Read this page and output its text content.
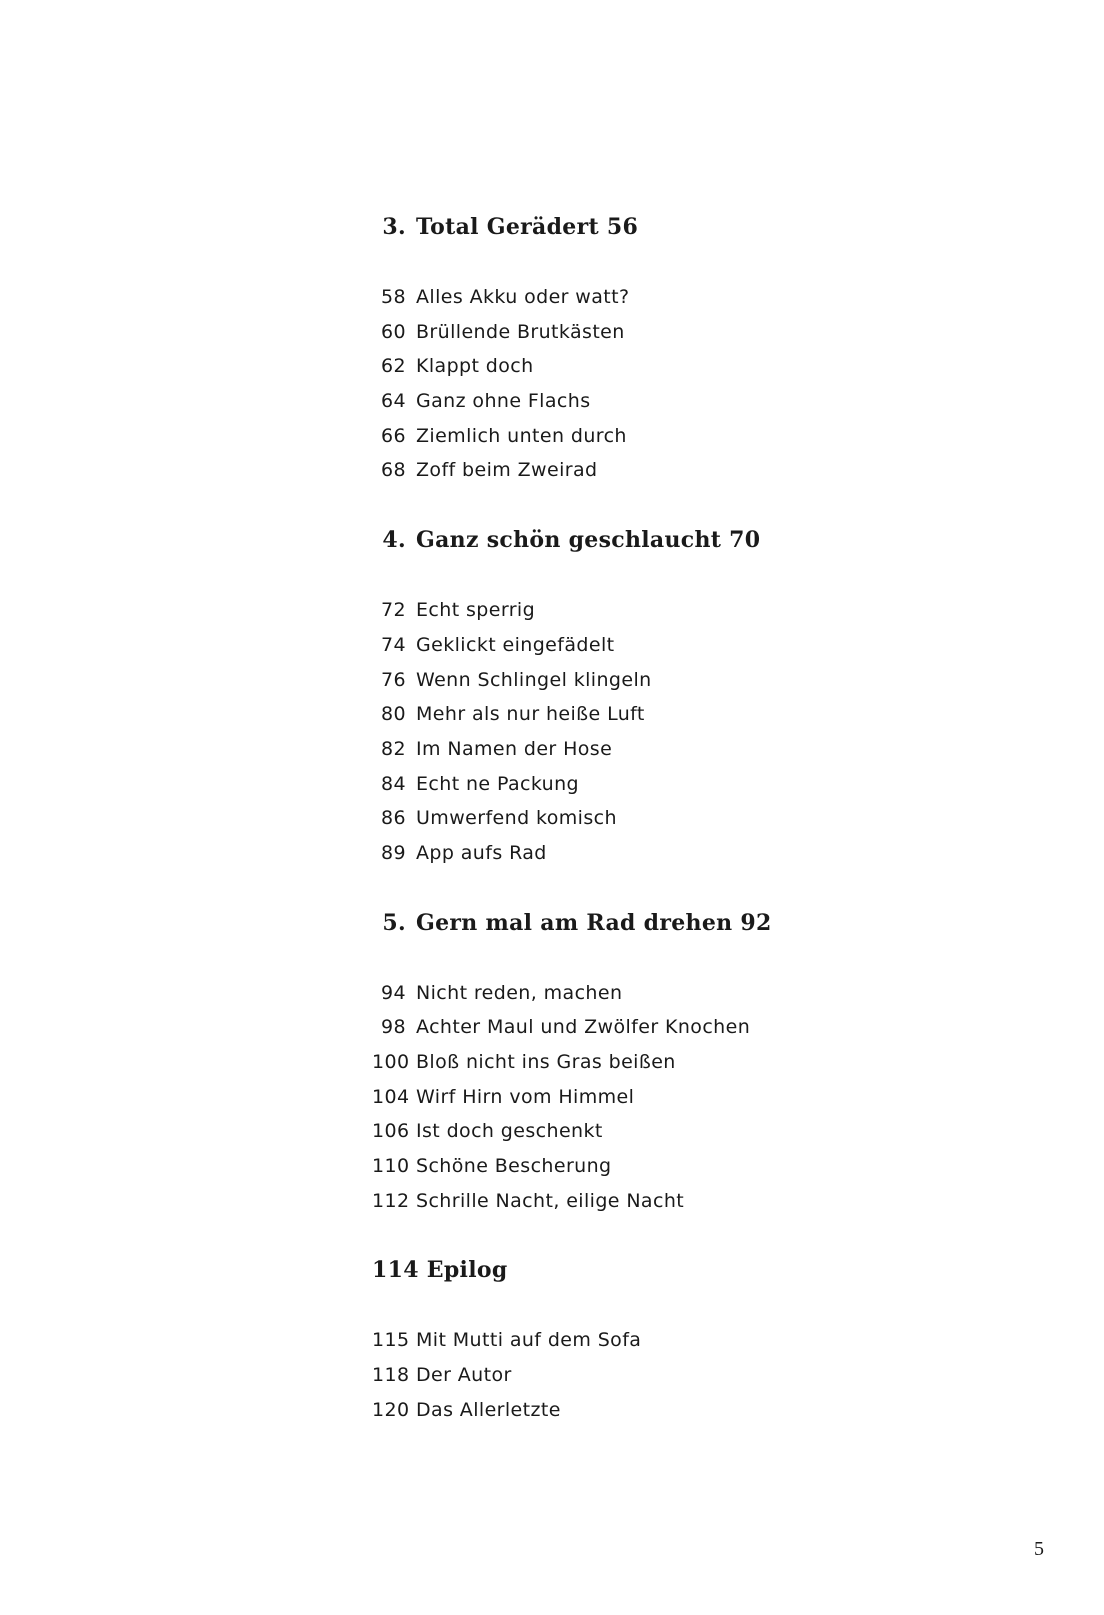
3. Total Gerädert 56
58 Alles Akku oder watt?
60 Brüllende Brutkästen
62 Klappt doch
64 Ganz ohne Flachs
66 Ziemlich unten durch
68 Zoff beim Zweirad
4. Ganz schön geschlaucht 70
72 Echt sperrig
74 Geklickt eingefädelt
76 Wenn Schlingel klingeln
80 Mehr als nur heiße Luft
82 Im Namen der Hose
84 Echt ne Packung
86 Umwerfend komisch
89 App aufs Rad
5. Gern mal am Rad drehen 92
94 Nicht reden, machen
98 Achter Maul und Zwölfer Knochen
100 Bloß nicht ins Gras beißen
104 Wirf Hirn vom Himmel
106 Ist doch geschenkt
110 Schöne Bescherung
112 Schrille Nacht, eilige Nacht
114 Epilog
115 Mit Mutti auf dem Sofa
118 Der Autor
120 Das Allerletzte
5
